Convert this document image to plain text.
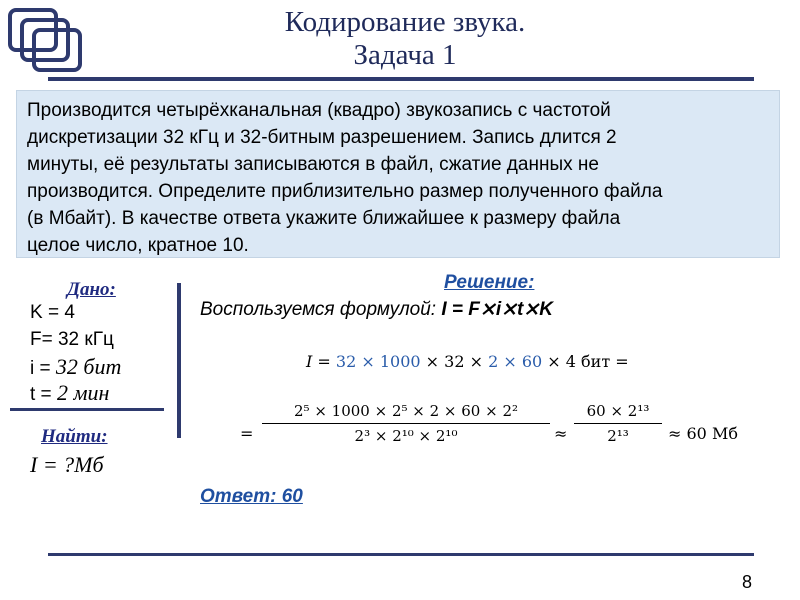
Кодирование звука.
Задача 1
Производится четырёхканальная (квадро) звукозапись с частотой
дискретизации 32 кГц и 32-битным разрешением. Запись длится 2
минуты, её результаты записываются в файл, сжатие данных не
производится. Определите приблизительно размер полученного файла
(в Мбайт). В качестве ответа укажите ближайшее к размеру файла
целое число, кратное 10.
Дано:
K = 4
F= 32 кГц
i = 32 бит
t = 2 мин
Найти:
I = ?Мб
Решение:
Воспользуемся формулой: I = F⨯i⨯t⨯K
I = 32 × 1000 × 32 × 2 × 60 × 4 бит =
=
2⁵ × 1000 × 2⁵ × 2 × 60 × 2²
2³ × 2¹⁰ × 2¹⁰	≈
60 × 2¹³
2¹³	≈ 60 Мб
Ответ: 60
8
